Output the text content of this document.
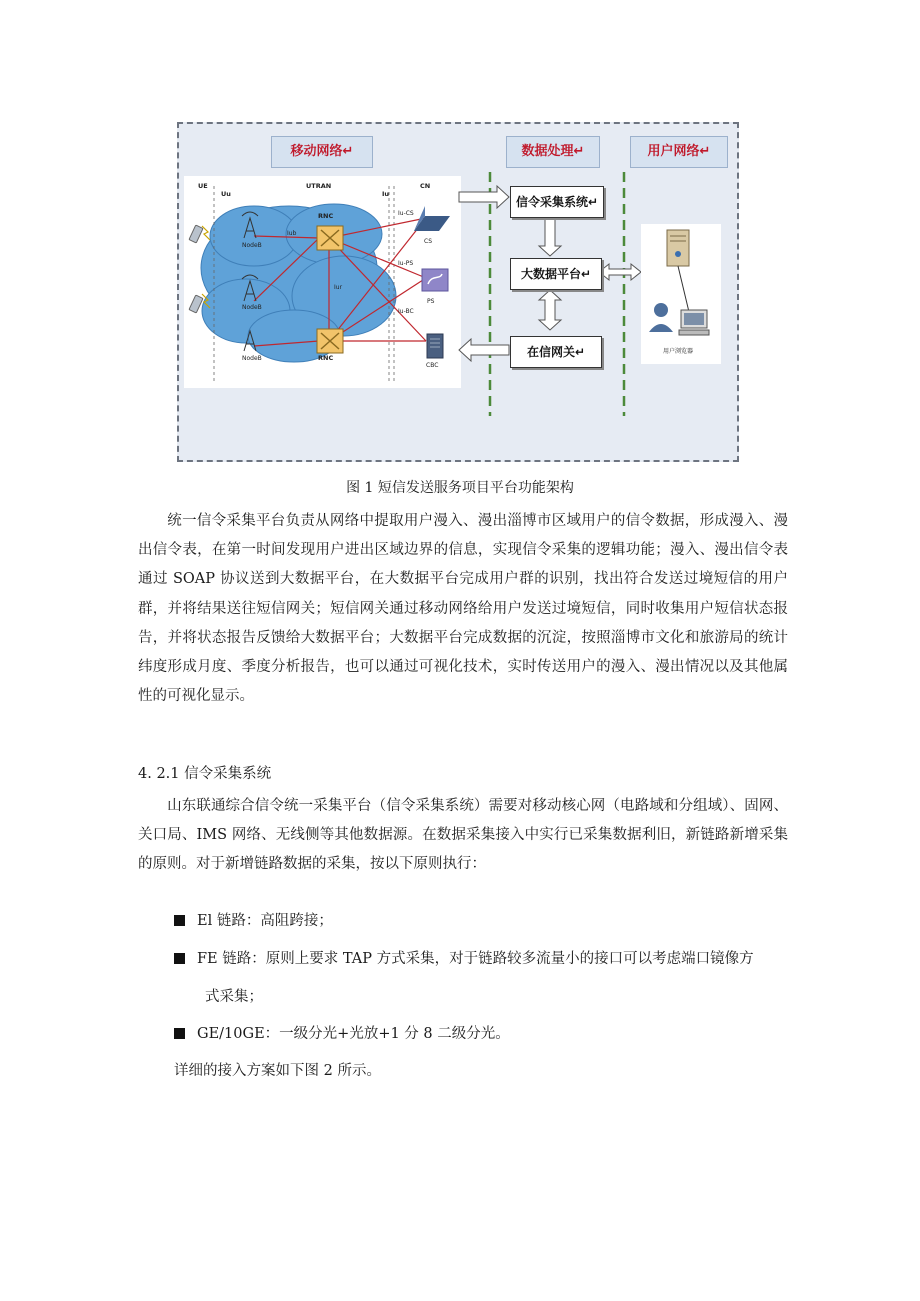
移动网络↵	数据处理↵	用户网络↵
UE
Uu
UTRAN
Iu
CN
RNC
RNC
Iub
Iur
Iu-CS
CS
Iu-PS
PS
Iu-BC
CBC
NodeB
NodeB
NodeB
信令采集系统↵
大数据平台↵
在信网关↵	用户浏览器
图 1 短信发送服务项目平台功能架构

统一信令采集平台负责从网络中提取用户漫入、漫出淄博市区域用户的信令数据，形成漫入、漫出信令表，在第一时间发现用户进出区域边界的信息，实现信令采集的逻辑功能；漫入、漫出信令表通过 SOAP 协议送到大数据平台，在大数据平台完成用户群的识别，找出符合发送过境短信的用户群，并将结果送往短信网关；短信网关通过移动网络给用户发送过境短信，同时收集用户短信状态报告，并将状态报告反馈给大数据平台；大数据平台完成数据的沉淀，按照淄博市文化和旅游局的统计纬度形成月度、季度分析报告，也可以通过可视化技术，实时传送用户的漫入、漫出情况以及其他属性的可视化显示。

4. 2.1 信令采集系统

山东联通综合信令统一采集平台（信令采集系统）需要对移动核心网（电路域和分组域）、固网、关口局、IMS 网络、无线侧等其他数据源。在数据采集接入中实行已采集数据利旧，新链路新增采集的原则。对于新增链路数据的采集，按以下原则执行：

El 链路：高阻跨接；
FE 链路：原则上要求 TAP 方式采集，对于链路较多流量小的接口可以考虑端口镜像方
式采集；
GE/10GE：一级分光+光放+1 分 8 二级分光。
详细的接入方案如下图 2 所示。
